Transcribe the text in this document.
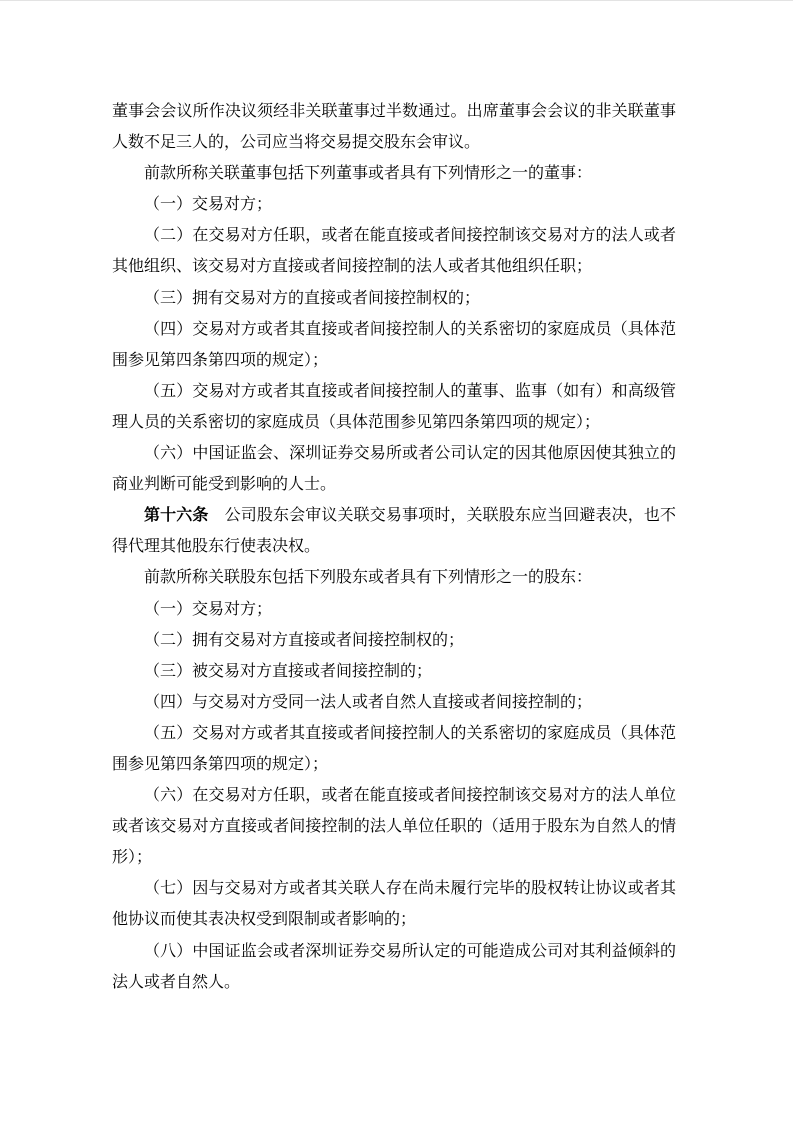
董事会会议所作决议须经非关联董事过半数通过。出席董事会会议的非关联董事人数不足三人的，公司应当将交易提交股东会审议。

前款所称关联董事包括下列董事或者具有下列情形之一的董事：

（一）交易对方；

（二）在交易对方任职，或者在能直接或者间接控制该交易对方的法人或者其他组织、该交易对方直接或者间接控制的法人或者其他组织任职；

（三）拥有交易对方的直接或者间接控制权的；

（四）交易对方或者其直接或者间接控制人的关系密切的家庭成员（具体范围参见第四条第四项的规定）；

（五）交易对方或者其直接或者间接控制人的董事、监事（如有）和高级管理人员的关系密切的家庭成员（具体范围参见第四条第四项的规定）；

（六）中国证监会、深圳证券交易所或者公司认定的因其他原因使其独立的商业判断可能受到影响的人士。

第十六条　公司股东会审议关联交易事项时，关联股东应当回避表决，也不得代理其他股东行使表决权。

前款所称关联股东包括下列股东或者具有下列情形之一的股东：

（一）交易对方；

（二）拥有交易对方直接或者间接控制权的；

（三）被交易对方直接或者间接控制的；

（四）与交易对方受同一法人或者自然人直接或者间接控制的；

（五）交易对方或者其直接或者间接控制人的关系密切的家庭成员（具体范围参见第四条第四项的规定）；

（六）在交易对方任职，或者在能直接或者间接控制该交易对方的法人单位或者该交易对方直接或者间接控制的法人单位任职的（适用于股东为自然人的情形）；

（七）因与交易对方或者其关联人存在尚未履行完毕的股权转让协议或者其他协议而使其表决权受到限制或者影响的；

（八）中国证监会或者深圳证券交易所认定的可能造成公司对其利益倾斜的法人或者自然人。
